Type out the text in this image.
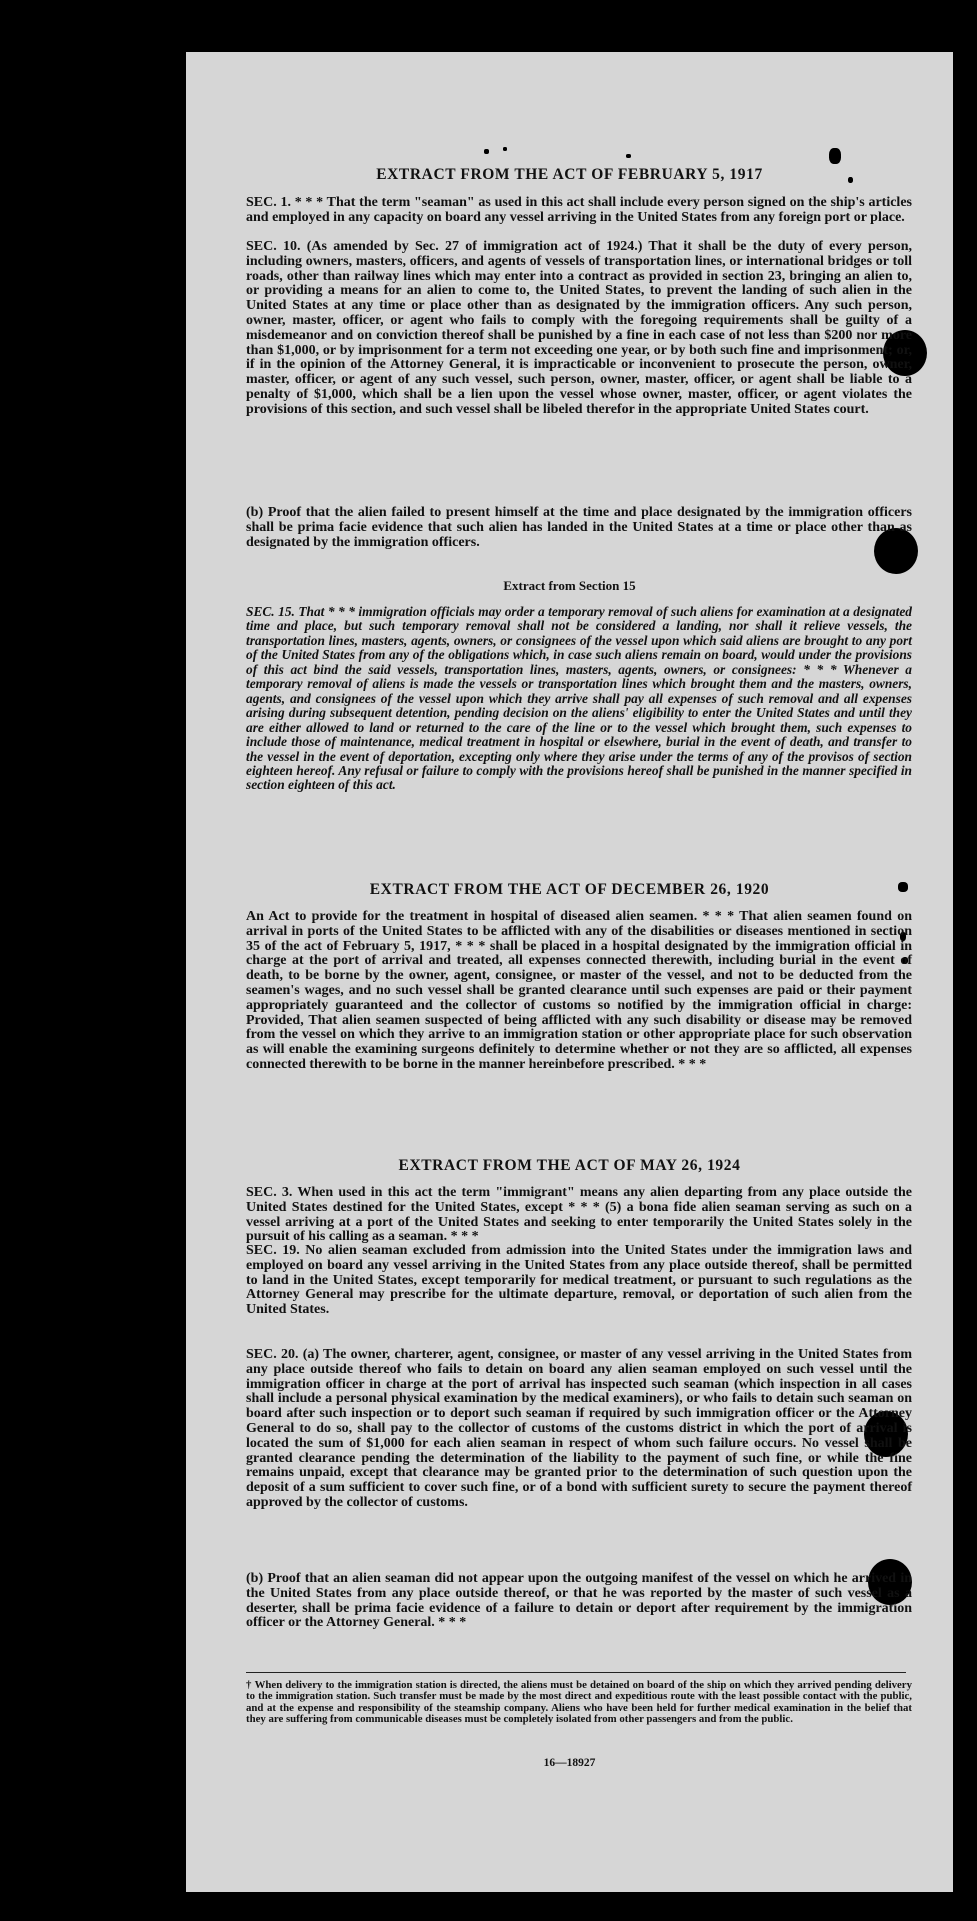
EXTRACT FROM THE ACT OF FEBRUARY 5, 1917
SEC. 1. * * * That the term "seaman" as used in this act shall include every person signed on the ship's articles and employed in any capacity on board any vessel arriving in the United States from any foreign port or place.
SEC. 10. (As amended by Sec. 27 of immigration act of 1924.) That it shall be the duty of every person, including owners, masters, officers, and agents of vessels of transportation lines, or international bridges or toll roads, other than railway lines which may enter into a contract as provided in section 23, bringing an alien to, or providing a means for an alien to come to, the United States, to prevent the landing of such alien in the United States at any time or place other than as designated by the immigration officers. Any such person, owner, master, officer, or agent who fails to comply with the foregoing requirements shall be guilty of a misdemeanor and on conviction thereof shall be punished by a fine in each case of not less than $200 nor more than $1,000, or by imprisonment for a term not exceeding one year, or by both such fine and imprisonment; or, if in the opinion of the Attorney General, it is impracticable or inconvenient to prosecute the person, owner, master, officer, or agent of any such vessel, such person, owner, master, officer, or agent shall be liable to a penalty of $1,000, which shall be a lien upon the vessel whose owner, master, officer, or agent violates the provisions of this section, and such vessel shall be libeled therefor in the appropriate United States court.
(b) Proof that the alien failed to present himself at the time and place designated by the immigration officers shall be prima facie evidence that such alien has landed in the United States at a time or place other than as designated by the immigration officers.
Extract from Section 15
SEC. 15. That * * * immigration officials may order a temporary removal of such aliens for examination at a designated time and place, but such temporary removal shall not be considered a landing, nor shall it relieve vessels, the transportation lines, masters, agents, owners, or consignees of the vessel upon which said aliens are brought to any port of the United States from any of the obligations which, in case such aliens remain on board, would under the provisions of this act bind the said vessels, transportation lines, masters, agents, owners, or consignees: * * * Whenever a temporary removal of aliens is made the vessels or transportation lines which brought them and the masters, owners, agents, and consignees of the vessel upon which they arrive shall pay all expenses of such removal and all expenses arising during subsequent detention, pending decision on the aliens' eligibility to enter the United States and until they are either allowed to land or returned to the care of the line or to the vessel which brought them, such expenses to include those of maintenance, medical treatment in hospital or elsewhere, burial in the event of death, and transfer to the vessel in the event of deportation, excepting only where they arise under the terms of any of the provisos of section eighteen hereof. Any refusal or failure to comply with the provisions hereof shall be punished in the manner specified in section eighteen of this act.
EXTRACT FROM THE ACT OF DECEMBER 26, 1920
An Act to provide for the treatment in hospital of diseased alien seamen. * * * That alien seamen found on arrival in ports of the United States to be afflicted with any of the disabilities or diseases mentioned in section 35 of the act of February 5, 1917, * * * shall be placed in a hospital designated by the immigration official in charge at the port of arrival and treated, all expenses connected therewith, including burial in the event of death, to be borne by the owner, agent, consignee, or master of the vessel, and not to be deducted from the seamen's wages, and no such vessel shall be granted clearance until such expenses are paid or their payment appropriately guaranteed and the collector of customs so notified by the immigration official in charge: Provided, That alien seamen suspected of being afflicted with any such disability or disease may be removed from the vessel on which they arrive to an immigration station or other appropriate place for such observation as will enable the examining surgeons definitely to determine whether or not they are so afflicted, all expenses connected therewith to be borne in the manner hereinbefore prescribed. * * *
EXTRACT FROM THE ACT OF MAY 26, 1924
SEC. 3. When used in this act the term "immigrant" means any alien departing from any place outside the United States destined for the United States, except * * * (5) a bona fide alien seaman serving as such on a vessel arriving at a port of the United States and seeking to enter temporarily the United States solely in the pursuit of his calling as a seaman. * * *
SEC. 19. No alien seaman excluded from admission into the United States under the immigration laws and employed on board any vessel arriving in the United States from any place outside thereof, shall be permitted to land in the United States, except temporarily for medical treatment, or pursuant to such regulations as the Attorney General may prescribe for the ultimate departure, removal, or deportation of such alien from the United States.
SEC. 20. (a) The owner, charterer, agent, consignee, or master of any vessel arriving in the United States from any place outside thereof who fails to detain on board any alien seaman employed on such vessel until the immigration officer in charge at the port of arrival has inspected such seaman (which inspection in all cases shall include a personal physical examination by the medical examiners), or who fails to detain such seaman on board after such inspection or to deport such seaman if required by such immigration officer or the Attorney General to do so, shall pay to the collector of customs of the customs district in which the port of arrival is located the sum of $1,000 for each alien seaman in respect of whom such failure occurs. No vessel shall be granted clearance pending the determination of the liability to the payment of such fine, or while the fine remains unpaid, except that clearance may be granted prior to the determination of such question upon the deposit of a sum sufficient to cover such fine, or of a bond with sufficient surety to secure the payment thereof approved by the collector of customs.
(b) Proof that an alien seaman did not appear upon the outgoing manifest of the vessel on which he arrived in the United States from any place outside thereof, or that he was reported by the master of such vessel as a deserter, shall be prima facie evidence of a failure to detain or deport after requirement by the immigration officer or the Attorney General. * * *
† When delivery to the immigration station is directed, the aliens must be detained on board of the ship on which they arrived pending delivery to the immigration station. Such transfer must be made by the most direct and expeditious route with the least possible contact with the public, and at the expense and responsibility of the steamship company. Aliens who have been held for further medical examination in the belief that they are suffering from communicable diseases must be completely isolated from other passengers and from the public.
16—18927
